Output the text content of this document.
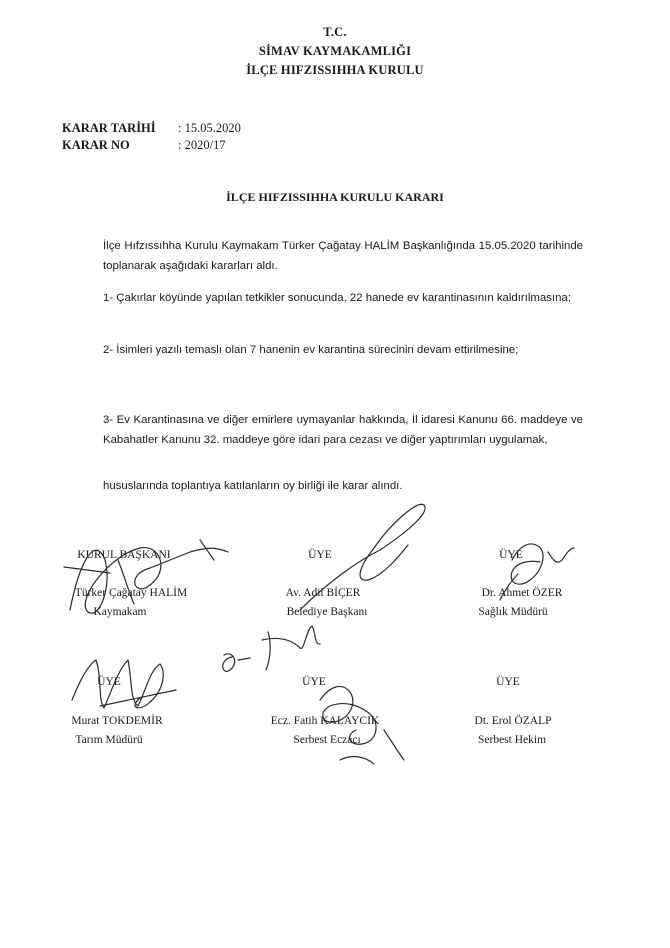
T.C.
SİMAV KAYMAKAMLIĞI
İLÇE HIFZISSIHHA KURULU
KARAR TARİHİ : 15.05.2020
KARAR NO	: 2020/17
İLÇE HIFZISSIHHA KURULU KARARI
İlçe Hıfzıssıhha Kurulu Kaymakam Türker Çağatay HALİM Başkanlığında 15.05.2020 tarihinde toplanarak aşağıdaki kararları aldı.
1- Çakırlar köyünde yapılan tetkikler sonucunda, 22 hanede ev karantinasının kaldırılmasına;
2- İsimleri yazılı temaslı olan 7 hanenin ev karantina sürecinin devam ettirilmesine;
3- Ev Karantinasına ve diğer emirlere uymayanlar hakkında, İl idaresi Kanunu 66. maddeye ve Kabahatler Kanunu 32. maddeye göre idari para cezası ve diğer yaptırımları uygulamak,
hususlarında toplantıya katılanların oy birliği ile karar alındı.
KURUL BAŞKANI
Türker Çağatay HALİM
Kaymakam
ÜYE
Av. Adil BİÇER
Belediye Başkanı
ÜYE
Dr. Ahmet ÖZER
Sağlık Müdürü
ÜYE
Murat TOKDEMİR
Tarım Müdürü
ÜYE
Ecz. Fatih KALAYCIK
Serbest Eczacı
ÜYE
Dt. Erol ÖZALP
Serbest Hekim
